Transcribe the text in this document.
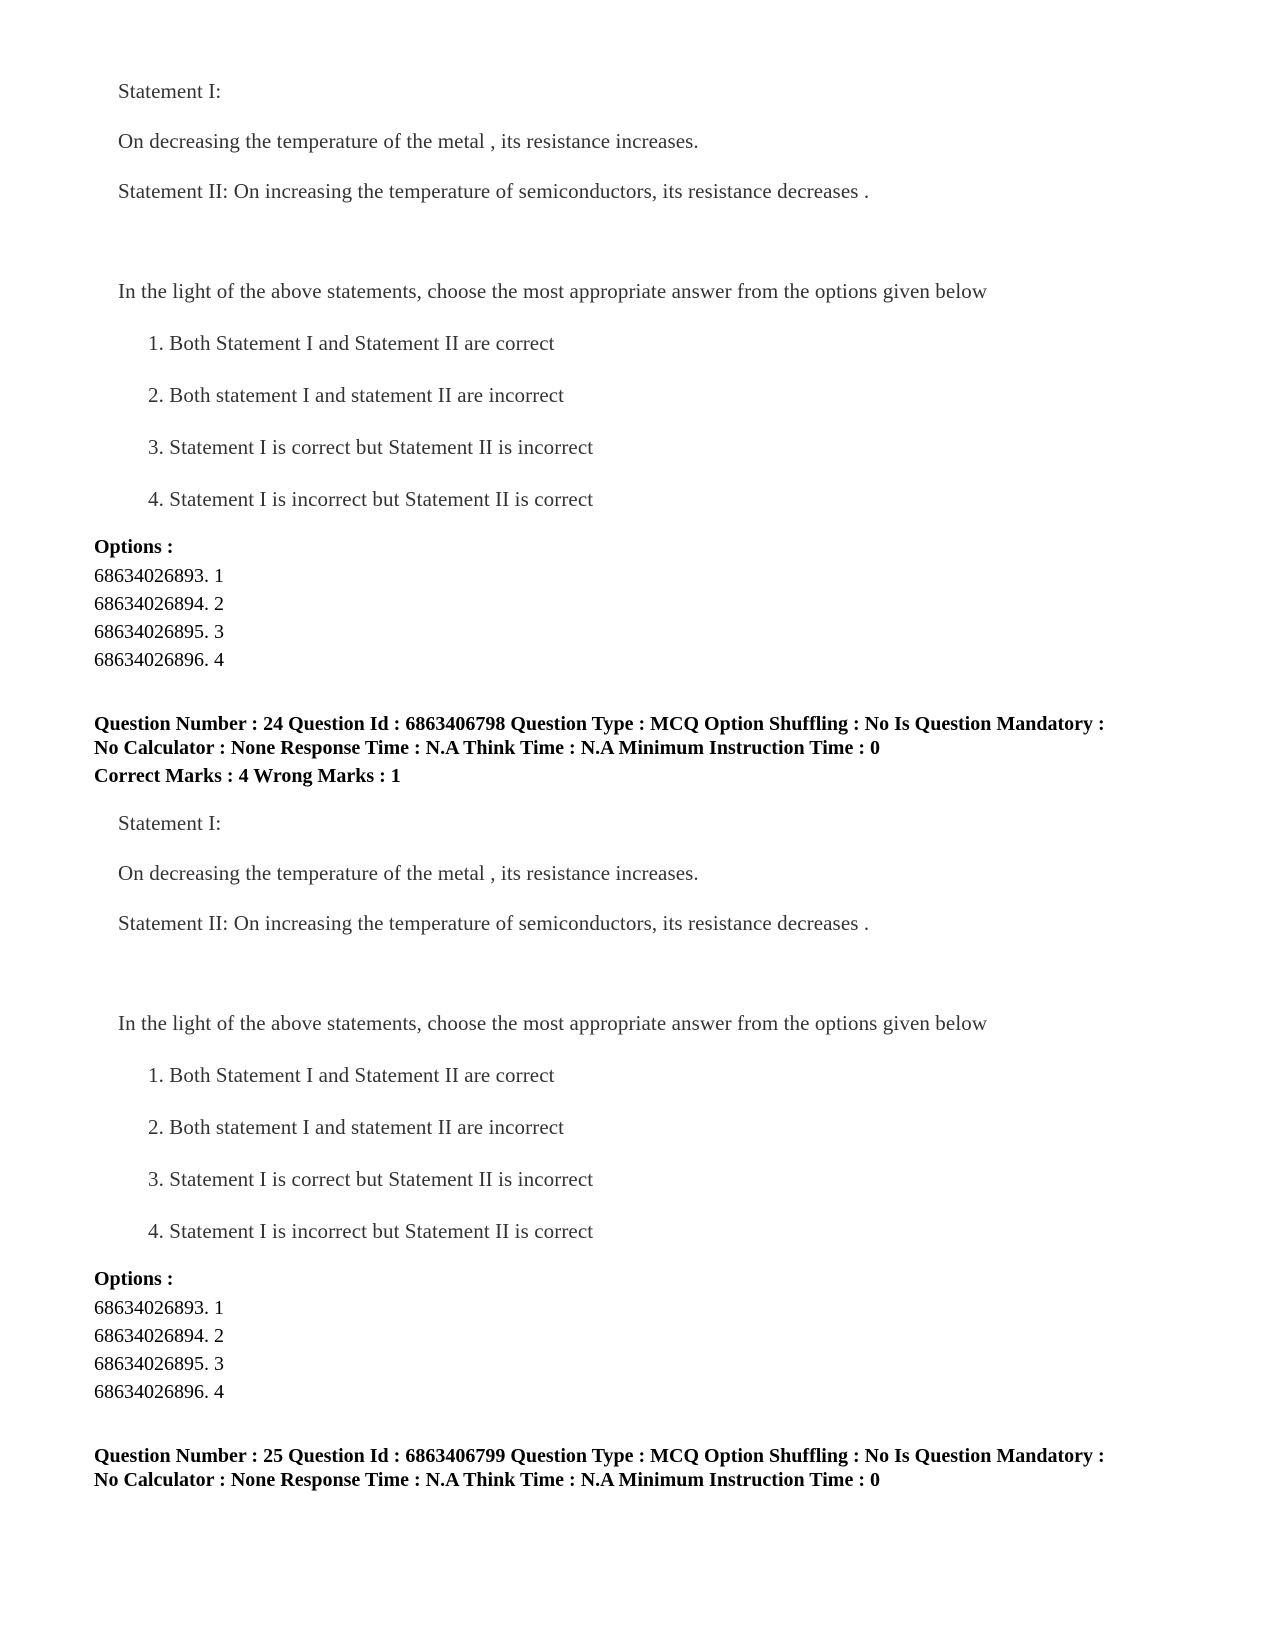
Statement I:
On decreasing the temperature of the metal , its resistance increases.
Statement II: On increasing the temperature of semiconductors, its resistance decreases .
In the light of the above statements, choose the most appropriate answer from the options given below
1. Both Statement I and Statement II are correct
2. Both statement I and statement II are incorrect
3. Statement I is correct but Statement II is incorrect
4. Statement I is incorrect but Statement II is correct
Options :
68634026893. 1
68634026894. 2
68634026895. 3
68634026896. 4
Question Number : 24 Question Id : 6863406798 Question Type : MCQ Option Shuffling : No Is Question Mandatory :
No Calculator : None Response Time : N.A Think Time : N.A Minimum Instruction Time : 0
Correct Marks : 4 Wrong Marks : 1
Statement I:
On decreasing the temperature of the metal , its resistance increases.
Statement II: On increasing the temperature of semiconductors, its resistance decreases .
In the light of the above statements, choose the most appropriate answer from the options given below
1. Both Statement I and Statement II are correct
2. Both statement I and statement II are incorrect
3. Statement I is correct but Statement II is incorrect
4. Statement I is incorrect but Statement II is correct
Options :
68634026893. 1
68634026894. 2
68634026895. 3
68634026896. 4
Question Number : 25 Question Id : 6863406799 Question Type : MCQ Option Shuffling : No Is Question Mandatory :
No Calculator : None Response Time : N.A Think Time : N.A Minimum Instruction Time : 0
